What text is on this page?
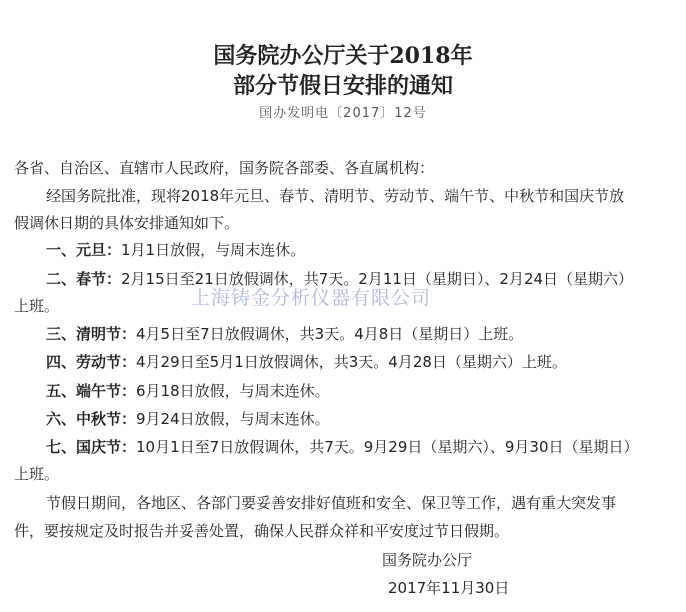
国务院办公厅关于2018年
部分节假日安排的通知
国办发明电〔2017〕12号
各省、自治区、直辖市人民政府，国务院各部委、各直属机构：
经国务院批准，现将2018年元旦、春节、清明节、劳动节、端午节、中秋节和国庆节放
假调休日期的具体安排通知如下。
一、元旦：1月1日放假，与周末连休。
二、春节：2月15日至21日放假调休，共7天。2月11日（星期日）、2月24日（星期六）
上班。
三、清明节：4月5日至7日放假调休，共3天。4月8日（星期日）上班。
四、劳动节：4月29日至5月1日放假调休，共3天。4月28日（星期六）上班。
五、端午节：6月18日放假，与周末连休。
六、中秋节：9月24日放假，与周末连休。
七、国庆节：10月1日至7日放假调休，共7天。9月29日（星期六）、9月30日（星期日）
上班。
节假日期间，各地区、各部门要妥善安排好值班和安全、保卫等工作，遇有重大突发事
件，要按规定及时报告并妥善处置，确保人民群众祥和平安度过节日假期。
国务院办公厅
2017年11月30日
上海铸金分析仪器有限公司
